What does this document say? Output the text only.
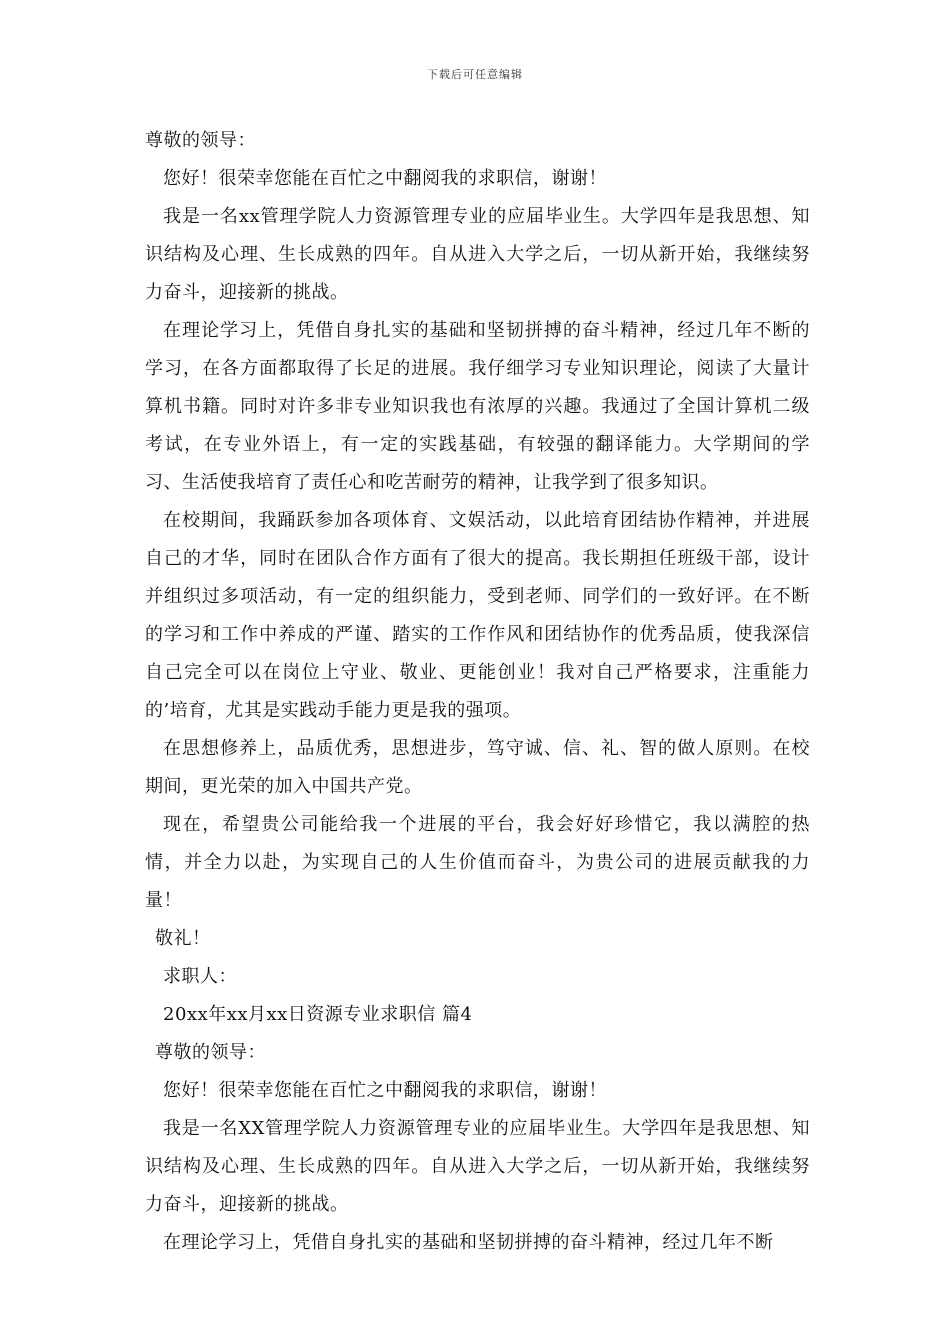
下载后可任意编辑

尊敬的领导：

您好！很荣幸您能在百忙之中翻阅我的求职信，谢谢！

我是一名xx管理学院人力资源管理专业的应届毕业生。大学四年是我思想、知识结构及心理、生长成熟的四年。自从进入大学之后，一切从新开始，我继续努力奋斗，迎接新的挑战。

在理论学习上，凭借自身扎实的基础和坚韧拼搏的奋斗精神，经过几年不断的学习，在各方面都取得了长足的进展。我仔细学习专业知识理论，阅读了大量计算机书籍。同时对许多非专业知识我也有浓厚的兴趣。我通过了全国计算机二级考试，在专业外语上，有一定的实践基础，有较强的翻译能力。大学期间的学习、生活使我培育了责任心和吃苦耐劳的精神，让我学到了很多知识。

在校期间，我踊跃参加各项体育、文娱活动，以此培育团结协作精神，并进展自己的才华，同时在团队合作方面有了很大的提高。我长期担任班级干部，设计并组织过多项活动，有一定的组织能力，受到老师、同学们的一致好评。在不断的学习和工作中养成的严谨、踏实的工作作风和团结协作的优秀品质，使我深信自己完全可以在岗位上守业、敬业、更能创业！我对自己严格要求，注重能力的’培育，尤其是实践动手能力更是我的强项。

在思想修养上，品质优秀，思想进步，笃守诚、信、礼、智的做人原则。在校期间，更光荣的加入中国共产党。

现在，希望贵公司能给我一个进展的平台，我会好好珍惜它，我以满腔的热情，并全力以赴，为实现自己的人生价值而奋斗，为贵公司的进展贡献我的力量！

敬礼！

求职人：

20xx年xx月xx日资源专业求职信 篇4

尊敬的领导：

您好！很荣幸您能在百忙之中翻阅我的求职信，谢谢！

我是一名XX管理学院人力资源管理专业的应届毕业生。大学四年是我思想、知识结构及心理、生长成熟的四年。自从进入大学之后，一切从新开始，我继续努力奋斗，迎接新的挑战。

在理论学习上，凭借自身扎实的基础和坚韧拼搏的奋斗精神，经过几年不断
